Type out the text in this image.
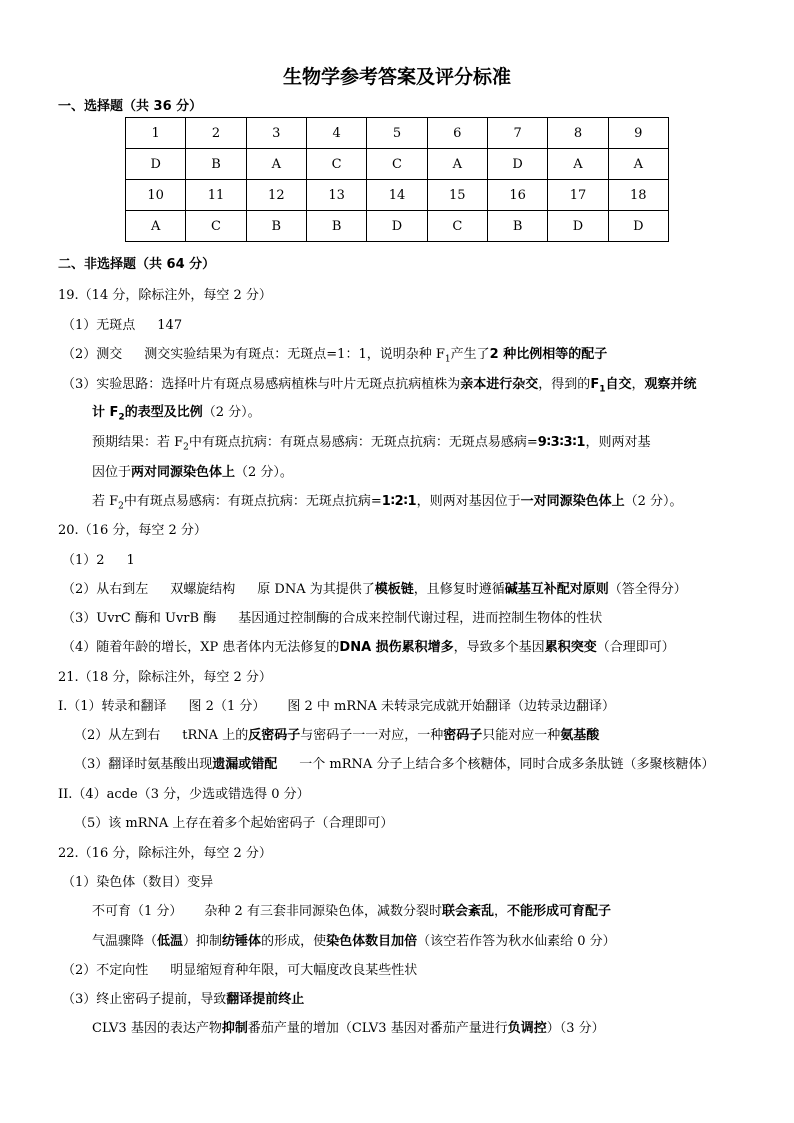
生物学参考答案及评分标准
一、选择题（共 36 分）
1	2	3	4	5	6	7	8	9
D	B	A	C	C	A	D	A	A
10	11	12	13	14	15	16	17	18
A	C	B	B	D	C	B	D	D
二、非选择题（共 64 分）
19.（14 分，除标注外，每空 2 分）
（1）无斑点 147
（2）测交 测交实验结果为有斑点：无斑点=1：1，说明杂种 $F_1$产生了2 种比例相等的配子
（3）实验思路：选择叶片有斑点易感病植株与叶片无斑点抗病植株为亲本进行杂交，得到的$F_1$自交，观察并统
计 $F_2$的表型及比例（2 分）。
预期结果：若 $F_2$中有斑点抗病：有斑点易感病：无斑点抗病：无斑点易感病=9∶3∶3∶1，则两对基
因位于两对同源染色体上（2 分）。
若 $F_2$中有斑点易感病：有斑点抗病：无斑点抗病=1∶2∶1，则两对基因位于一对同源染色体上（2 分）。
20.（16 分，每空 2 分）
（1）2 1
（2）从右到左 双螺旋结构 原 DNA 为其提供了模板链，且修复时遵循碱基互补配对原则（答全得分）
（3）UvrC 酶和 UvrB 酶 基因通过控制酶的合成来控制代谢过程，进而控制生物体的性状
（4）随着年龄的增长，XP 患者体内无法修复的DNA 损伤累积增多，导致多个基因累积突变（合理即可）
21.（18 分，除标注外，每空 2 分）
I.（1）转录和翻译 图 2（1 分） 图 2 中 mRNA 未转录完成就开始翻译（边转录边翻译）
（2）从左到右 tRNA 上的反密码子与密码子一一对应，一种密码子只能对应一种氨基酸
（3）翻译时氨基酸出现遗漏或错配 一个 mRNA 分子上结合多个核糖体，同时合成多条肽链（多聚核糖体）
II.（4）acde（3 分，少选或错选得 0 分）
（5）该 mRNA 上存在着多个起始密码子（合理即可）
22.（16 分，除标注外，每空 2 分）
（1）染色体（数目）变异
不可育（1 分） 杂种 2 有三套非同源染色体，减数分裂时联会紊乱，不能形成可育配子
气温骤降（低温）抑制纺锤体的形成，使染色体数目加倍（该空若作答为秋水仙素给 0 分）
（2）不定向性 明显缩短育种年限，可大幅度改良某些性状
（3）终止密码子提前，导致翻译提前终止
CLV3 基因的表达产物抑制番茄产量的增加（CLV3 基因对番茄产量进行负调控）（3 分）
